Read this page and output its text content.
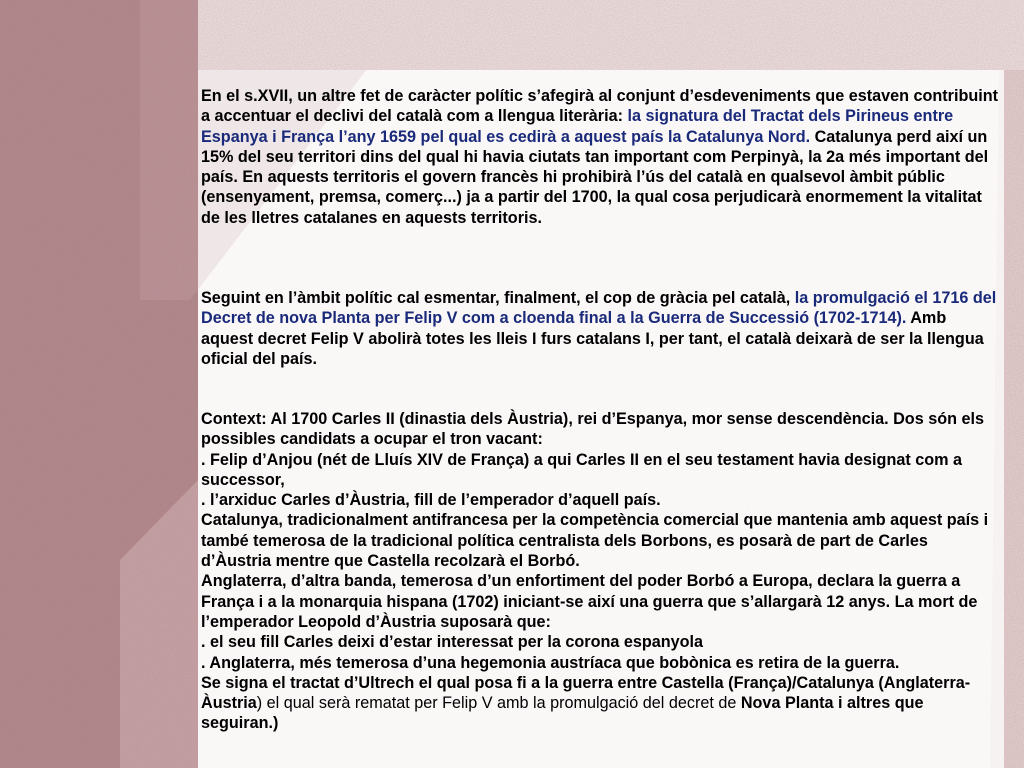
En el s.XVII, un altre fet de caràcter polític s’afegirà al conjunt d’esdeveniments que estaven contribuint a accentuar el declivi del català com a llengua literària: la signatura del Tractat dels Pirineus entre Espanya i França l’any 1659 pel qual es cedirà a aquest país la Catalunya Nord. Catalunya perd així un 15% del seu territori dins del qual hi havia ciutats tan important com Perpinyà, la 2a més important del país. En aquests territoris el govern francès hi prohibirà l’ús del català en qualsevol àmbit públic (ensenyament, premsa, comerç...) ja a partir del 1700, la qual cosa perjudicarà enormement la vitalitat de les lletres catalanes en aquests territoris.

Seguint en l’àmbit polític cal esmentar, finalment, el cop de gràcia pel català, la promulgació el 1716 del Decret de nova Planta per Felip V com a cloenda final a la Guerra de Successió (1702-1714). Amb aquest decret Felip V abolirà totes les lleis I furs catalans I, per tant, el català deixarà de ser la llengua oficial del país.

Context: Al 1700 Carles II (dinastia dels Àustria), rei d’Espanya, mor sense descendència. Dos són els possibles candidats a ocupar el tron vacant:

. Felip d’Anjou (nét de Lluís XIV de França) a qui Carles II en el seu testament havia designat com a successor,

. l’arxiduc Carles d’Àustria, fill de l’emperador d’aquell país.

Catalunya, tradicionalment antifrancesa per la competència comercial que mantenia amb aquest país i també temerosa de la tradicional política centralista dels Borbons, es posarà de part de Carles d’Àustria mentre que Castella recolzarà el Borbó.

Anglaterra, d’altra banda, temerosa d’un enfortiment del poder Borbó a Europa, declara la guerra a França i a la monarquia hispana (1702) iniciant-se així una guerra que s’allargarà 12 anys. La mort de l’emperador Leopold d’Àustria suposarà que:

. el seu fill Carles deixi d’estar interessat per la corona espanyola

. Anglaterra, més temerosa d’una hegemonia austríaca que bobònica es retira de la guerra.

Se signa el tractat d’Ultrech el qual posa fi a la guerra entre Castella (França)/Catalunya (Anglaterra-Àustria) el qual serà rematat per Felip V amb la promulgació del decret de Nova Planta i altres que seguiran.)
